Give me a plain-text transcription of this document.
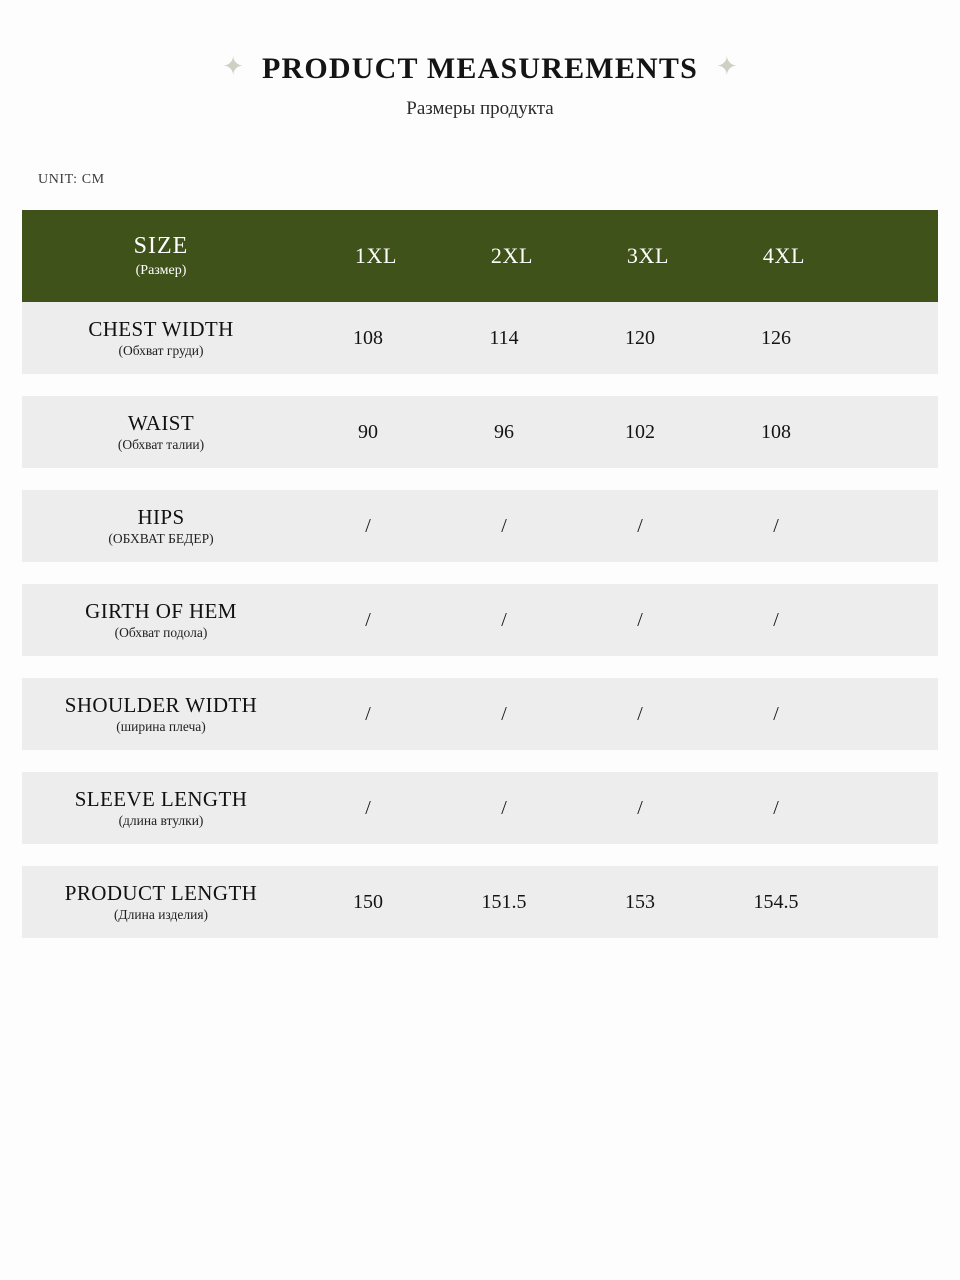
✦ PRODUCT MEASUREMENTS ✦
Размеры продукта
UNIT: CM
SIZE
(Размер)
1XL	2XL	3XL	4XL
CHEST WIDTH
(Обхват груди)
108	114	120	126
WAIST
(Обхват талии)
90	96	102	108
HIPS
(ОБХВАТ БЕДЕР)
/	/	/	/
GIRTH OF HEM
(Обхват подола)
/	/	/	/
SHOULDER WIDTH
(ширина плеча)
/	/	/	/
SLEEVE LENGTH
(длина втулки)
/	/	/	/
PRODUCT LENGTH
(Длина изделия)
150	151.5	153	154.5
